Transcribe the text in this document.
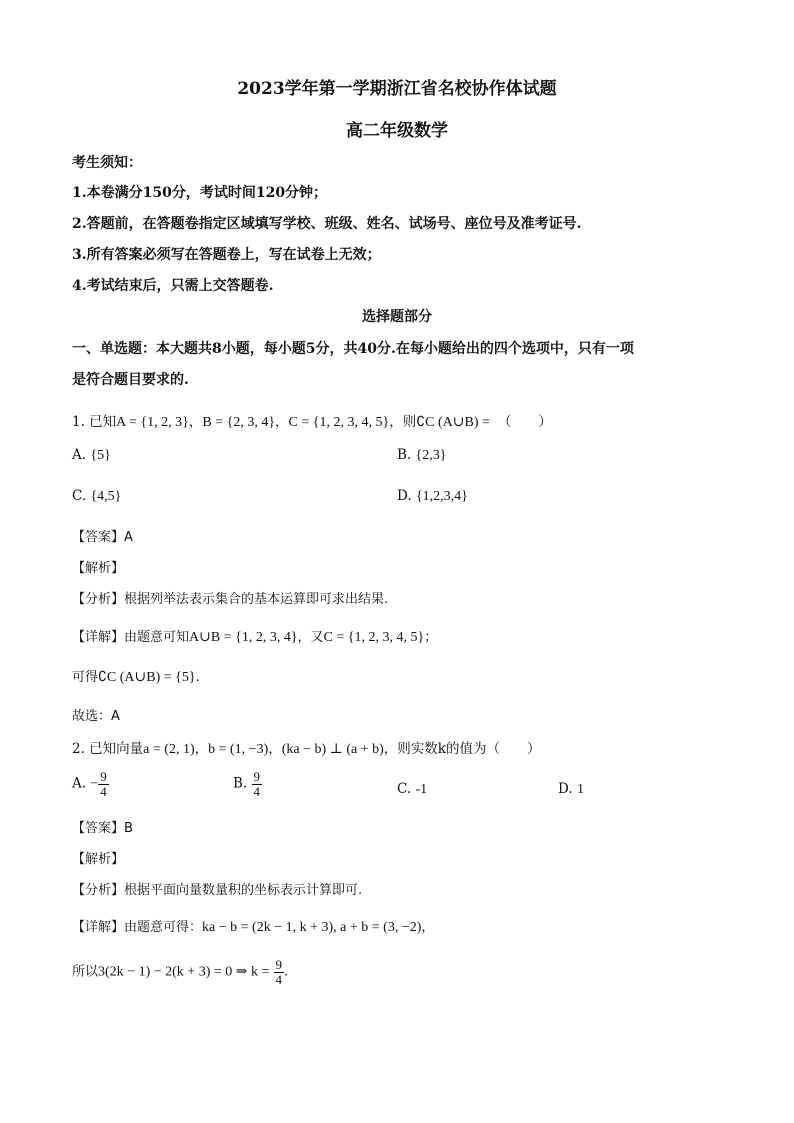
2023学年第一学期浙江省名校协作体试题
高二年级数学
考生须知：
1.本卷满分150分，考试时间120分钟；
2.答题前，在答题卷指定区域填写学校、班级、姓名、试场号、座位号及准考证号.
3.所有答案必须写在答题卷上，写在试卷上无效；
4.考试结束后，只需上交答题卷.
选择题部分
一、单选题：本大题共8小题，每小题5分，共40分.在每小题给出的四个选项中，只有一项
是符合题目要求的.
1. 已知A = {1, 2, 3}，B = {2, 3, 4}，C = {1, 2, 3, 4, 5}，则∁C (A∪B) = （　　）
A. {5}	B. {2,3}
C. {4,5}	D. {1,2,3,4}
【答案】A
【解析】
【分析】根据列举法表示集合的基本运算即可求出结果.
【详解】由题意可知A∪B = {1, 2, 3, 4}，又C = {1, 2, 3, 4, 5}；
可得∁C (A∪B) = {5}.
故选：A
2. 已知向量a = (2, 1)，b = (1, −3)，(ka − b) ⊥ (a + b)，则实数k的值为（　　）
A. − $\frac{9}{4}$	B. $\frac{9}{4}$	C. -1	D. 1
【答案】B
【解析】
【分析】根据平面向量数量积的坐标表示计算即可.
【详解】由题意可得：ka − b = (2k − 1, k + 3), a + b = (3, −2)，
所以3(2k − 1) − 2(k + 3) = 0 ⇒ $k = \frac{9}{4}$ .
